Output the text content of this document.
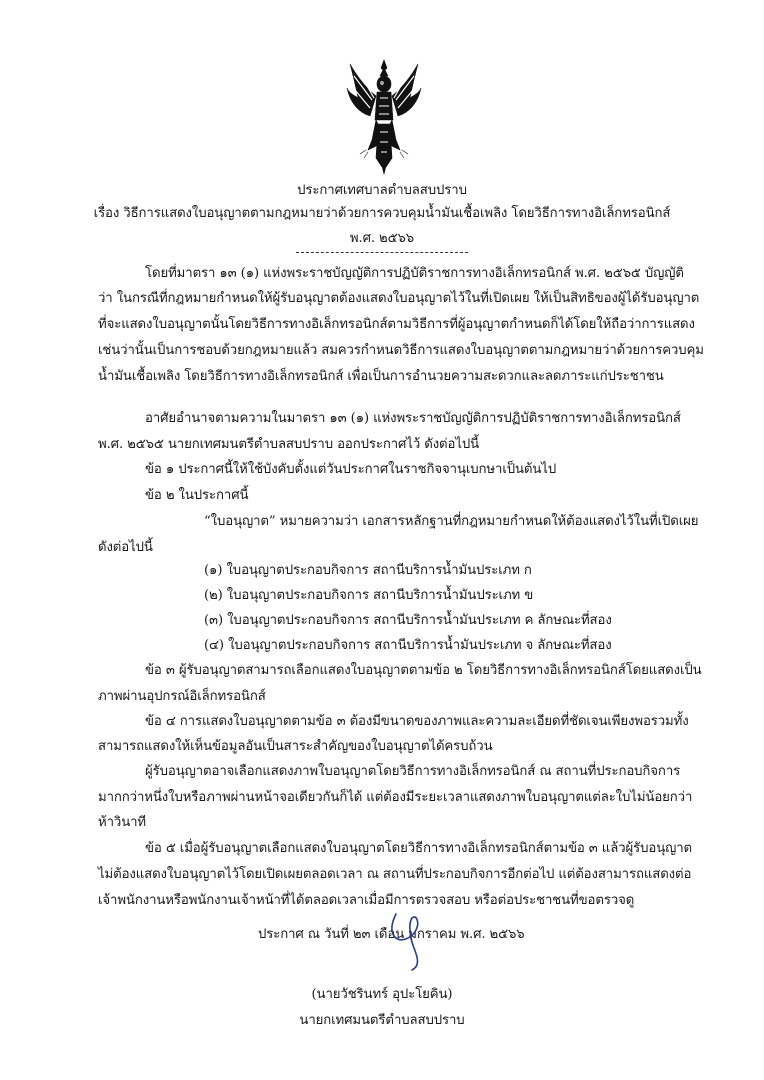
ประกาศเทศบาลตำบลสบปราบ
เรื่อง วิธีการแสดงใบอนุญาตตามกฎหมายว่าด้วยการควบคุมน้ำมันเชื้อเพลิง โดยวิธีการทางอิเล็กทรอนิกส์
พ.ศ. ๒๕๖๖
โดยที่มาตรา ๑๓ (๑) แห่งพระราชบัญญัติการปฏิบัติราชการทางอิเล็กทรอนิกส์ พ.ศ. ๒๕๖๕ บัญญัติ
ว่า ในกรณีที่กฎหมายกำหนดให้ผู้รับอนุญาตต้องแสดงใบอนุญาตไว้ในที่เปิดเผย ให้เป็นสิทธิของผู้ได้รับอนุญาต
ที่จะแสดงใบอนุญาตนั้นโดยวิธีการทางอิเล็กทรอนิกส์ตามวิธีการที่ผู้อนุญาตกำหนดก็ได้โดยให้ถือว่าการแสดง
เช่นว่านั้นเป็นการชอบด้วยกฎหมายแล้ว สมควรกำหนดวิธีการแสดงใบอนุญาตตามกฎหมายว่าด้วยการควบคุม
น้ำมันเชื้อเพลิง โดยวิธีการทางอิเล็กทรอนิกส์ เพื่อเป็นการอำนวยความสะดวกและลดภาระแก่ประชาชน
อาศัยอำนาจตามความในมาตรา ๑๓ (๑) แห่งพระราชบัญญัติการปฏิบัติราชการทางอิเล็กทรอนิกส์
พ.ศ. ๒๕๖๕ นายกเทศมนตรีตำบลสบปราบ ออกประกาศไว้ ดังต่อไปนี้
ข้อ ๑ ประกาศนี้ให้ใช้บังคับตั้งแต่วันประกาศในราชกิจจานุเบกษาเป็นต้นไป
ข้อ ๒ ในประกาศนี้
“ใบอนุญาต” หมายความว่า เอกสารหลักฐานที่กฎหมายกำหนดให้ต้องแสดงไว้ในที่เปิดเผย
ดังต่อไปนี้
(๑) ใบอนุญาตประกอบกิจการ สถานีบริการน้ำมันประเภท ก
(๒) ใบอนุญาตประกอบกิจการ สถานีบริการน้ำมันประเภท ข
(๓) ใบอนุญาตประกอบกิจการ สถานีบริการน้ำมันประเภท ค ลักษณะที่สอง
(๔) ใบอนุญาตประกอบกิจการ สถานีบริการน้ำมันประเภท จ ลักษณะที่สอง
ข้อ ๓ ผู้รับอนุญาตสามารถเลือกแสดงใบอนุญาตตามข้อ ๒ โดยวิธีการทางอิเล็กทรอนิกส์โดยแสดงเป็น
ภาพผ่านอุปกรณ์อิเล็กทรอนิกส์
ข้อ ๔ การแสดงใบอนุญาตตามข้อ ๓ ต้องมีขนาดของภาพและความละเอียดที่ชัดเจนเพียงพอรวมทั้ง
สามารถแสดงให้เห็นข้อมูลอันเป็นสาระสำคัญของใบอนุญาตได้ครบถ้วน
ผู้รับอนุญาตอาจเลือกแสดงภาพใบอนุญาตโดยวิธีการทางอิเล็กทรอนิกส์ ณ สถานที่ประกอบกิจการ
มากกว่าหนึ่งใบหรือภาพผ่านหน้าจอเดียวกันก็ได้ แต่ต้องมีระยะเวลาแสดงภาพใบอนุญาตแต่ละใบไม่น้อยกว่า
ห้าวินาที
ข้อ ๕ เมื่อผู้รับอนุญาตเลือกแสดงใบอนุญาตโดยวิธีการทางอิเล็กทรอนิกส์ตามข้อ ๓ แล้วผู้รับอนุญาต
ไม่ต้องแสดงใบอนุญาตไว้โดยเปิดเผยตลอดเวลา ณ สถานที่ประกอบกิจการอีกต่อไป แต่ต้องสามารถแสดงต่อ
เจ้าพนักงานหรือพนักงานเจ้าหน้าที่ได้ตลอดเวลาเมื่อมีการตรวจสอบ หรือต่อประชาชนที่ขอตรวจดู
ประกาศ ณ วันที่ ๒๓ เดือน มกราคม พ.ศ. ๒๕๖๖
(นายวัชรินทร์ อุปะโยคิน)
นายกเทศมนตรีตำบลสบปราบ
